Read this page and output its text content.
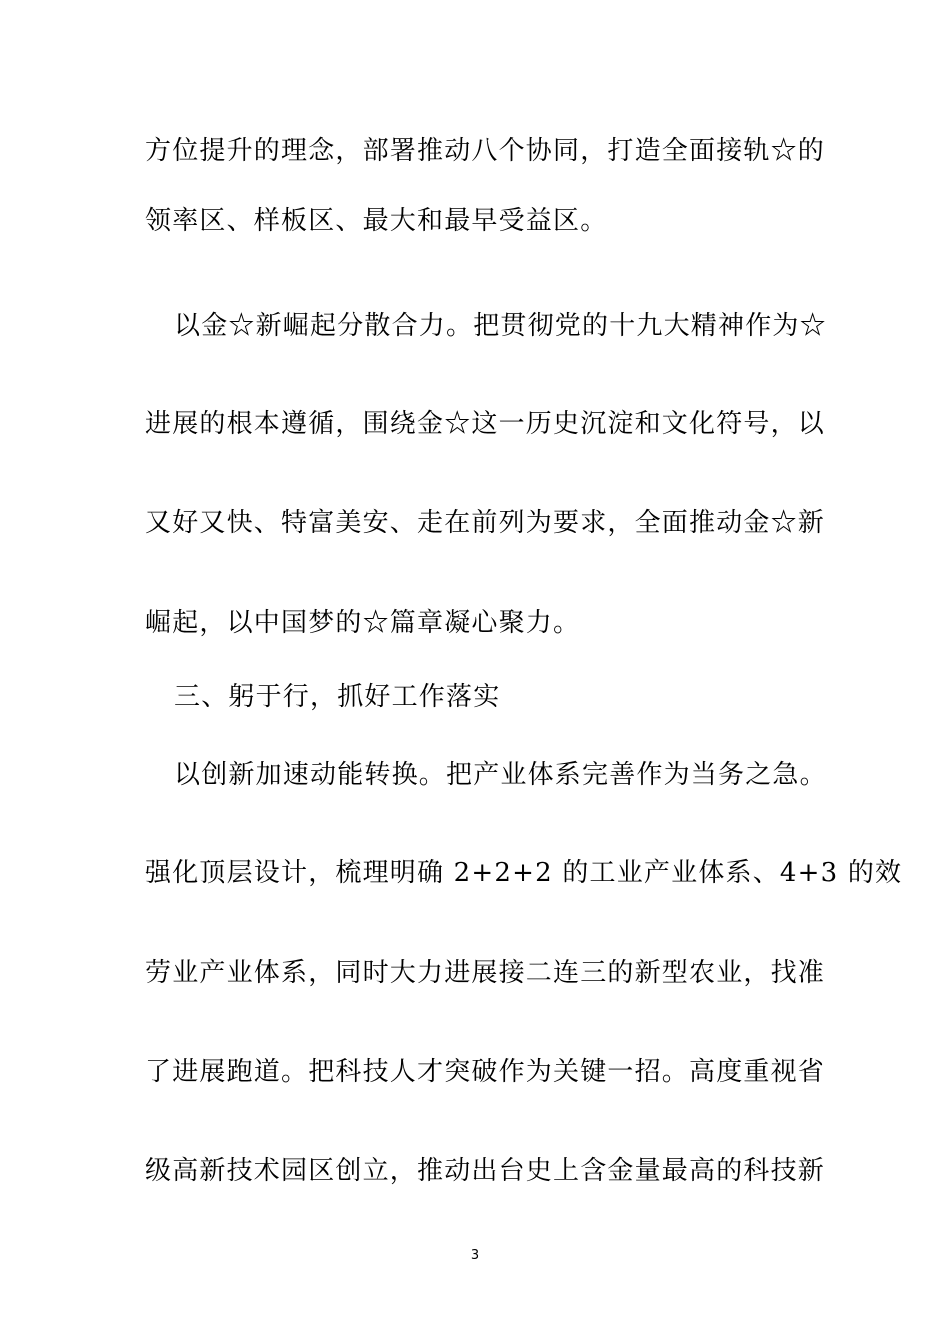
方位提升的理念，部署推动八个协同，打造全面接轨☆的
领率区、样板区、最大和最早受益区。
以金☆新崛起分散合力。把贯彻党的十九大精神作为☆
进展的根本遵循，围绕金☆这一历史沉淀和文化符号，以
又好又快、特富美安、走在前列为要求，全面推动金☆新
崛起，以中国梦的☆篇章凝心聚力。
三、躬于行，抓好工作落实
以创新加速动能转换。把产业体系完善作为当务之急。
强化顶层设计，梳理明确 2+2+2 的工业产业体系、4+3 的效
劳业产业体系，同时大力进展接二连三的新型农业，找准
了进展跑道。把科技人才突破作为关键一招。高度重视省
级高新技术园区创立，推动出台史上含金量最高的科技新
3
